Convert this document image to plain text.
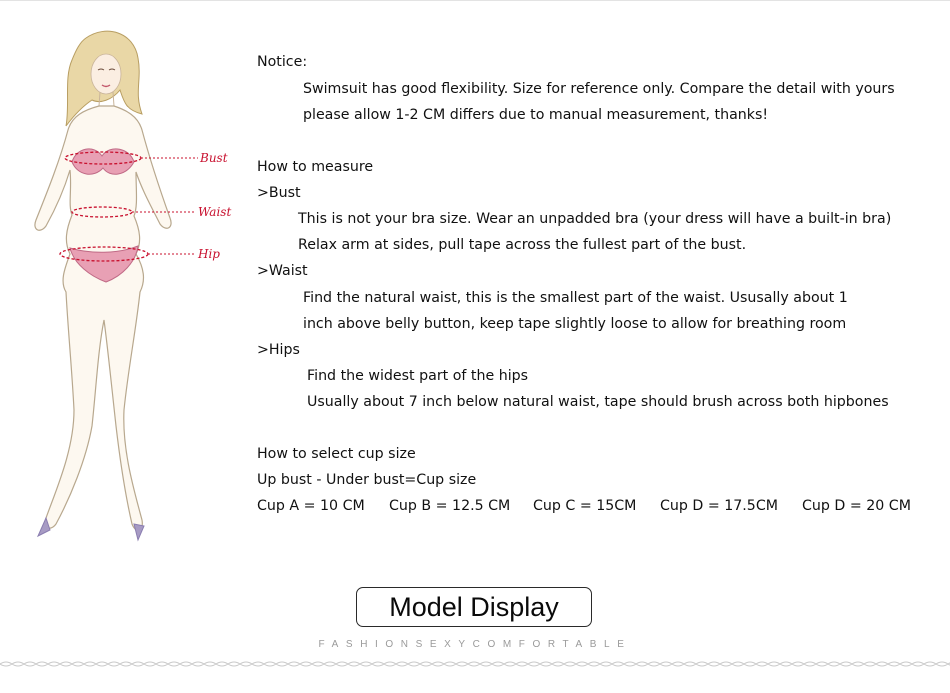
Bust
Waist
Hip
Notice:
Swimsuit has good flexibility. Size for reference only. Compare the detail with yours
please allow 1-2 CM differs due to manual measurement, thanks!
How to measure
>Bust
This is not your bra size. Wear an unpadded bra (your dress will have a built-in bra)
Relax arm at sides, pull tape across the fullest part of the bust.
>Waist
Find the natural waist, this is the smallest part of the waist. Ususally about 1
inch above belly button, keep tape slightly loose to allow for breathing room
>Hips
Find the widest part of the hips
Usually about 7 inch below natural waist, tape should brush across both hipbones
How to select cup size
Up bust - Under bust=Cup size
Cup A = 10 CM Cup B = 12.5 CM Cup C = 15CM Cup D = 17.5CM Cup D = 20 CM
Model Display
FASHIONSEXYCOMFORTABLE
